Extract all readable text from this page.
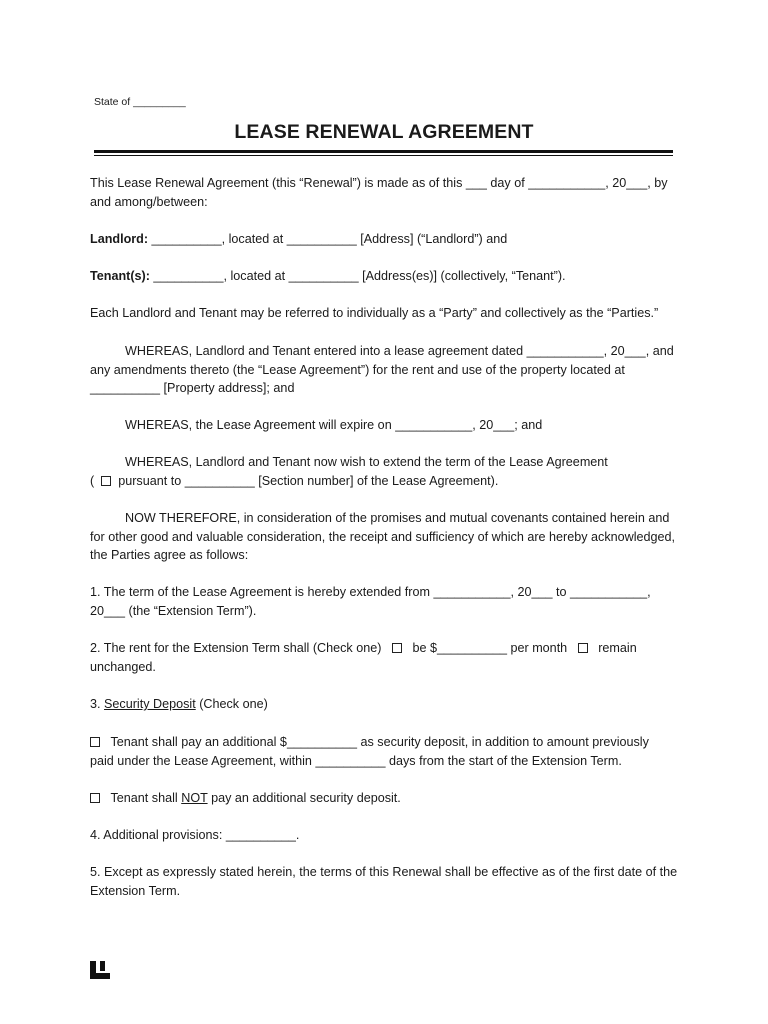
State of _________
LEASE RENEWAL AGREEMENT
This Lease Renewal Agreement (this “Renewal”) is made as of this ___ day of ___________, 20___, by
and among/between:
Landlord: __________, located at __________ [Address] (“Landlord”) and
Tenant(s): __________, located at __________ [Address(es)] (collectively, “Tenant”).
Each Landlord and Tenant may be referred to individually as a “Party” and collectively as the “Parties.”
WHEREAS, Landlord and Tenant entered into a lease agreement dated ___________, 20___, and
any amendments thereto (the “Lease Agreement”) for the rent and use of the property located at
__________ [Property address]; and
WHEREAS, the Lease Agreement will expire on ___________, 20___; and
WHEREAS, Landlord and Tenant now wish to extend the term of the Lease Agreement
( pursuant to __________ [Section number] of the Lease Agreement).
NOW THEREFORE, in consideration of the promises and mutual covenants contained herein and
for other good and valuable consideration, the receipt and sufficiency of which are hereby acknowledged,
the Parties agree as follows:
1. The term of the Lease Agreement is hereby extended from ___________, 20___ to ___________,
20___ (the “Extension Term”).
2. The rent for the Extension Term shall (Check one) be $__________ per month remain
unchanged.
3. Security Deposit (Check one)
Tenant shall pay an additional $__________ as security deposit, in addition to amount previously
paid under the Lease Agreement, within __________ days from the start of the Extension Term.
Tenant shall NOT pay an additional security deposit.
4. Additional provisions: __________.
5. Except as expressly stated herein, the terms of this Renewal shall be effective as of the first date of the
Extension Term.
